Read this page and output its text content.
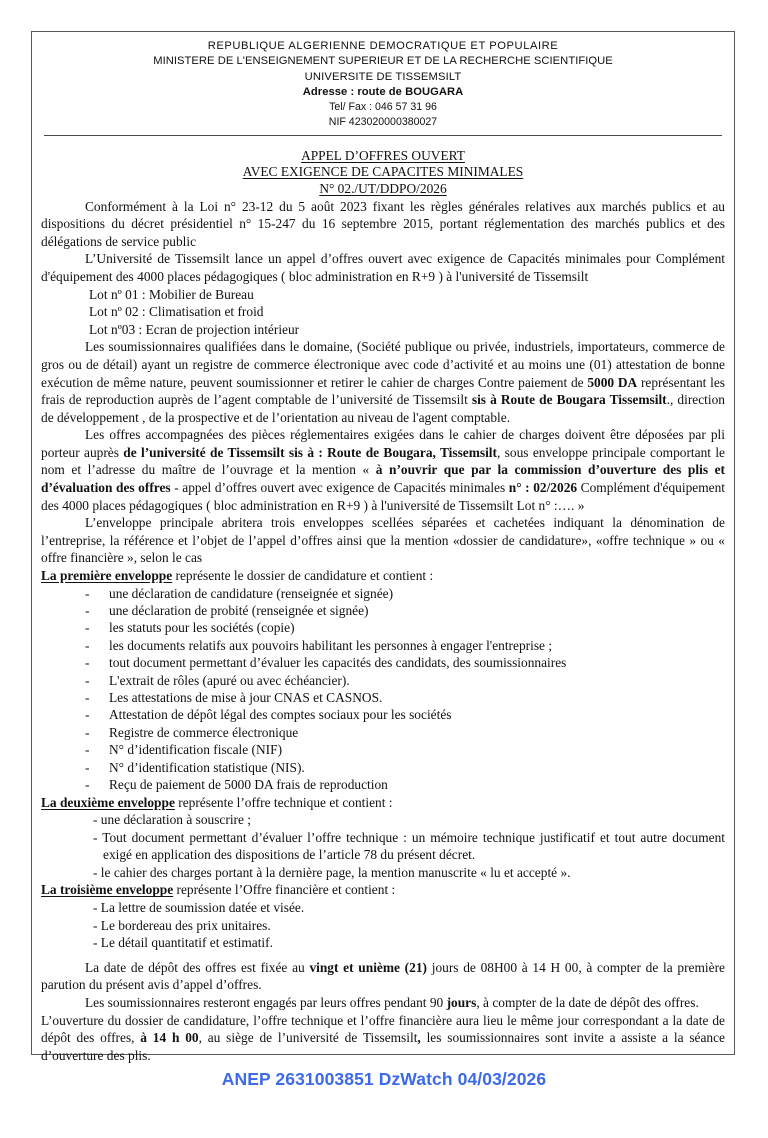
REPUBLIQUE ALGERIENNE DEMOCRATIQUE ET POPULAIRE
MINISTERE DE L'ENSEIGNEMENT SUPERIEUR ET DE LA RECHERCHE SCIENTIFIQUE
UNIVERSITE DE TISSEMSILT
Adresse : route de BOUGARA
Tel/ Fax : 046 57 31 96
NIF 423020000380027
APPEL D’OFFRES OUVERT
AVEC EXIGENCE DE CAPACITES MINIMALES
N° 02./UT/DDPO/2026

Conformément à la Loi n° 23-12 du 5 août 2023 fixant les règles générales relatives aux marchés publics et au dispositions du décret présidentiel n° 15-247 du 16 septembre 2015, portant réglementation des marchés publics et des délégations de service public

L’Université de Tissemsilt lance un appel d’offres ouvert avec exigence de Capacités minimales pour Complément d'équipement des 4000 places pédagogiques ( bloc administration en R+9 ) à l'université de Tissemsilt

Lot nº 01 : Mobilier de Bureau
Lot nº 02 : Climatisation et froid
Lot nº03 : Ecran de projection intérieur

Les soumissionnaires qualifiées dans le domaine, (Société publique ou privée, industriels, importateurs, commerce de gros ou de détail) ayant un registre de commerce électronique avec code d’activité et au moins une (01) attestation de bonne exécution de même nature, peuvent soumissionner et retirer le cahier de charges Contre paiement de 5000 DA représentant les frais de reproduction auprès de l’agent comptable de l’université de Tissemsilt sis à Route de Bougara Tissemsilt., direction de développement , de la prospective et de l’orientation au niveau de l'agent comptable.

Les offres accompagnées des pièces réglementaires exigées dans le cahier de charges doivent être déposées par pli porteur auprès de l’université de Tissemsilt sis à : Route de Bougara, Tissemsilt, sous enveloppe principale comportant le nom et l’adresse du maître de l’ouvrage et la mention « à n’ouvrir que par la commission d’ouverture des plis et d’évaluation des offres - appel d’offres ouvert avec exigence de Capacités minimales n° : 02/2026 Complément d'équipement des 4000 places pédagogiques ( bloc administration en R+9 ) à l'université de Tissemsilt Lot n° :…. »

L’enveloppe principale abritera trois enveloppes scellées séparées et cachetées indiquant la dénomination de l’entreprise, la référence et l’objet de l’appel d’offres ainsi que la mention «dossier de candidature», «offre technique » ou « offre financière », selon le cas

La première enveloppe représente le dossier de candidature et contient :
- une déclaration de candidature (renseignée et signée)
- une déclaration de probité (renseignée et signée)
- les statuts pour les sociétés (copie)
- les documents relatifs aux pouvoirs habilitant les personnes à engager l'entreprise ;
- tout document permettant d’évaluer les capacités des candidats, des soumissionnaires
- L'extrait de rôles (apuré ou avec échéancier).
- Les attestations de mise à jour CNAS et CASNOS.
- Attestation de dépôt légal des comptes sociaux pour les sociétés
- Registre de commerce électronique
- N° d’identification fiscale (NIF)
- N° d’identification statistique (NIS).
- Reçu de paiement de 5000 DA frais de reproduction
La deuxième enveloppe représente l’offre technique et contient :
- une déclaration à souscrire ;
- Tout document permettant d’évaluer l’offre technique : un mémoire technique justificatif et tout autre document exigé en application des dispositions de l’article 78 du présent décret.
- le cahier des charges portant à la dernière page, la mention manuscrite « lu et accepté ».
La troisième enveloppe représente l’Offre financière et contient :
- La lettre de soumission datée et visée.
- Le bordereau des prix unitaires.
- Le détail quantitatif et estimatif.

La date de dépôt des offres est fixée au vingt et unième (21) jours de 08H00 à 14 H 00, à compter de la première parution du présent avis d’appel d’offres.

Les soumissionnaires resteront engagés par leurs offres pendant 90 jours, à compter de la date de dépôt des offres.

L’ouverture du dossier de candidature, l’offre technique et l’offre financière aura lieu le même jour correspondant a la date de dépôt des offres, à 14 h 00, au siège de l’université de Tissemsilt, les soumissionnaires sont invite a assiste a la séance d’ouverture des plis.

ANEP 2631003851 DzWatch 04/03/2026
